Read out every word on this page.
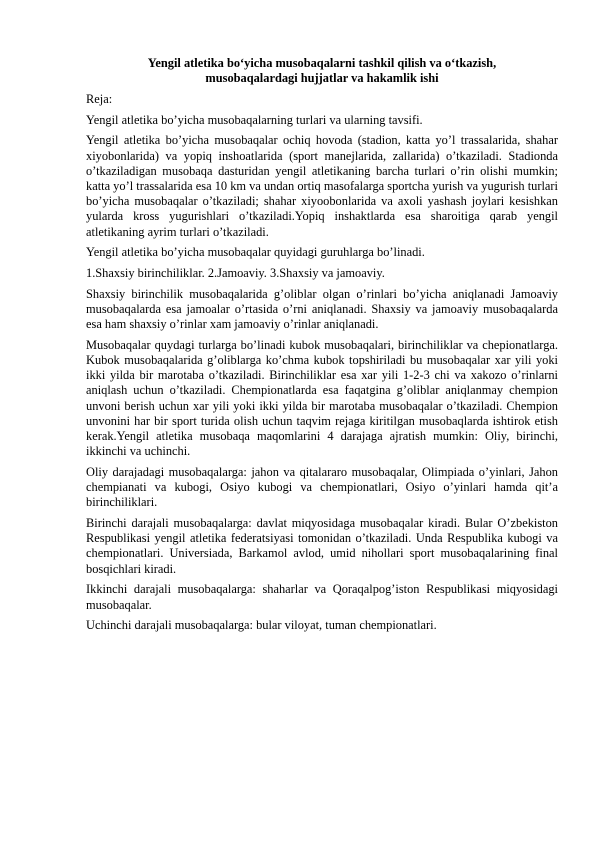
Yengil atletika bo‘yicha musobaqalarni tashkil qilish va o‘tkazish,
musobaqalardagi hujjatlar va hakamlik ishi

Reja:

Yengil atletika bo’yicha musobaqalarning turlari va ularning tavsifi.

Yengil atletika bo’yicha musobaqalar ochiq hovoda (stadion, katta yo’l trassalarida, shahar xiyobonlarida) va yopiq inshoatlarida (sport manejlarida, zallarida) o’tkaziladi. Stadionda o’tkaziladigan musobaqa dasturidan yengil atletikaning barcha turlari o’rin olishi mumkin; katta yo’l trassalarida esa 10 km va undan ortiq masofalarga sportcha yurish va yugurish turlari bo’yicha musobaqalar o’tkaziladi; shahar xiyoobonlarida va axoli yashash joylari kesishkan yularda kross yugurishlari o’tkaziladi.Yopiq inshaktlarda esa sharoitiga qarab yengil atletikaning ayrim turlari o’tkaziladi.

Yengil atletika bo’yicha musobaqalar quyidagi guruhlarga bo’linadi.

1.Shaxsiy birinchiliklar. 2.Jamoaviy. 3.Shaxsiy va jamoaviy.

Shaxsiy birinchilik musobaqalarida g’oliblar olgan o’rinlari bo’yicha aniqlanadi Jamoaviy musobaqalarda esa jamoalar o’rtasida o’rni aniqlanadi. Shaxsiy va jamoaviy musobaqalarda esa ham shaxsiy o’rinlar xam jamoaviy o’rinlar aniqlanadi.

Musobaqalar quydagi turlarga bo’linadi kubok musobaqalari, birinchiliklar va chepionatlarga. Kubok musobaqalarida g’oliblarga ko’chma kubok topshiriladi bu musobaqalar xar yili yoki ikki yilda bir marotaba o’tkaziladi. Birinchiliklar esa xar yili 1-2-3 chi va xakozo o’rinlarni aniqlash uchun o’tkaziladi. Chempionatlarda esa faqatgina g’oliblar aniqlanmay chempion unvoni berish uchun xar yili yoki ikki yilda bir marotaba musobaqalar o’tkaziladi. Chempion unvonini har bir sport turida olish uchun taqvim rejaga kiritilgan musobaqlarda ishtirok etish kerak.Yengil atletika musobaqa maqomlarini 4 darajaga ajratish mumkin: Oliy, birinchi, ikkinchi va uchinchi.

Oliy darajadagi musobaqalarga: jahon va qitalararo musobaqalar, Olimpiada o’yinlari, Jahon chempianati va kubogi, Osiyo kubogi va chempionatlari, Osiyo o’yinlari hamda qit’a birinchiliklari.

Birinchi darajali musobaqalarga: davlat miqyosidaga musobaqalar kiradi. Bular O’zbekiston Respublikasi yengil atletika federatsiyasi tomonidan o’tkaziladi. Unda Respublika kubogi va chempionatlari. Universiada, Barkamol avlod, umid nihollari sport musobaqalarining final bosqichlari kiradi.

Ikkinchi darajali musobaqalarga: shaharlar va Qoraqalpog’iston Respublikasi miqyosidagi musobaqalar.

Uchinchi darajali musobaqalarga: bular viloyat, tuman chempionatlari.
